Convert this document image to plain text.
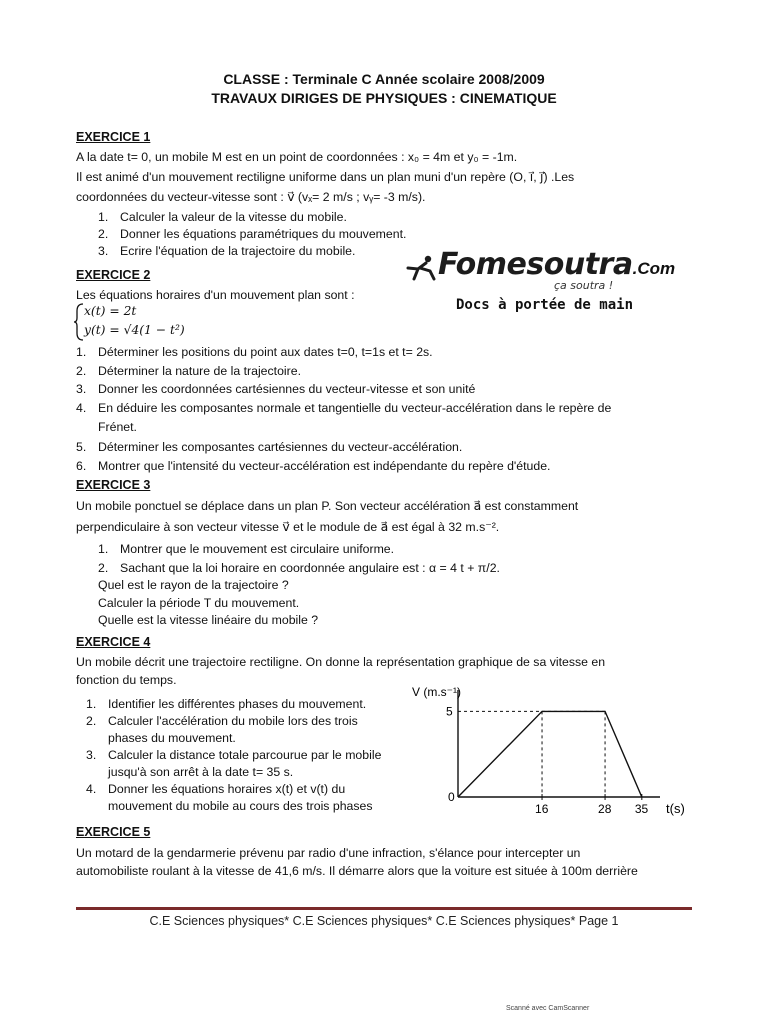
CLASSE : Terminale C Année scolaire 2008/2009
TRAVAUX DIRIGES DE PHYSIQUES : CINEMATIQUE
EXERCICE 1
A la date t= 0, un mobile M est en un point de coordonnées : x₀ = 4m et y₀ = -1m.
Il est animé d'un mouvement rectiligne uniforme dans un plan muni d'un repère (O, i⃗, j⃗) .Les
coordonnées du vecteur-vitesse sont : v⃗ (vₓ= 2 m/s ; vᵧ= -3 m/s).
1. Calculer la valeur de la vitesse du mobile.
2. Donner les équations paramétriques du mouvement.
3. Ecrire l'équation de la trajectoire du mobile.	Fomesoutra.Com
ça soutra !
Docs à portée de main
EXERCICE 2
Les équations horaires d'un mouvement plan sont :
x(t) = 2t
y(t) = √4(1 − t²)
1. Déterminer les positions du point aux dates t=0, t=1s et t= 2s.
2. Déterminer la nature de la trajectoire.
3. Donner les coordonnées cartésiennes du vecteur-vitesse et son unité
4. En déduire les composantes normale et tangentielle du vecteur-accélération dans le repère de
Frénet.
5. Déterminer les composantes cartésiennes du vecteur-accélération.
6. Montrer que l'intensité du vecteur-accélération est indépendante du repère d'étude.
EXERCICE 3
Un mobile ponctuel se déplace dans un plan P. Son vecteur accélération a⃗ est constamment
perpendiculaire à son vecteur vitesse v⃗ et le module de a⃗ est égal à 32 m.s⁻².
1. Montrer que le mouvement est circulaire uniforme.
2. Sachant que la loi horaire en coordonnée angulaire est : α = 4 t + π/2.
Quel est le rayon de la trajectoire ?
Calculer la période T du mouvement.
Quelle est la vitesse linéaire du mobile ?
EXERCICE 4
Un mobile décrit une trajectoire rectiligne. On donne la représentation graphique de sa vitesse en
fonction du temps.
1. Identifier les différentes phases du mouvement.
2. Calculer l'accélération du mobile lors des trois
phases du mouvement.
3. Calculer la distance totale parcourue par le mobile
jusqu'à son arrêt à la date t= 35 s.
4. Donner les équations horaires x(t) et v(t) du
mouvement du mobile au cours des trois phases	16	28 35
5
V (m.s⁻¹)
t(s)
0
EXERCICE 5
Un motard de la gendarmerie prévenu par radio d'une infraction, s'élance pour intercepter un
automobiliste roulant à la vitesse de 41,6 m/s. Il démarre alors que la voiture est située à 100m derrière
C.E Sciences physiques* C.E Sciences physiques* C.E Sciences physiques* Page 1
Scanné avec CamScanner
